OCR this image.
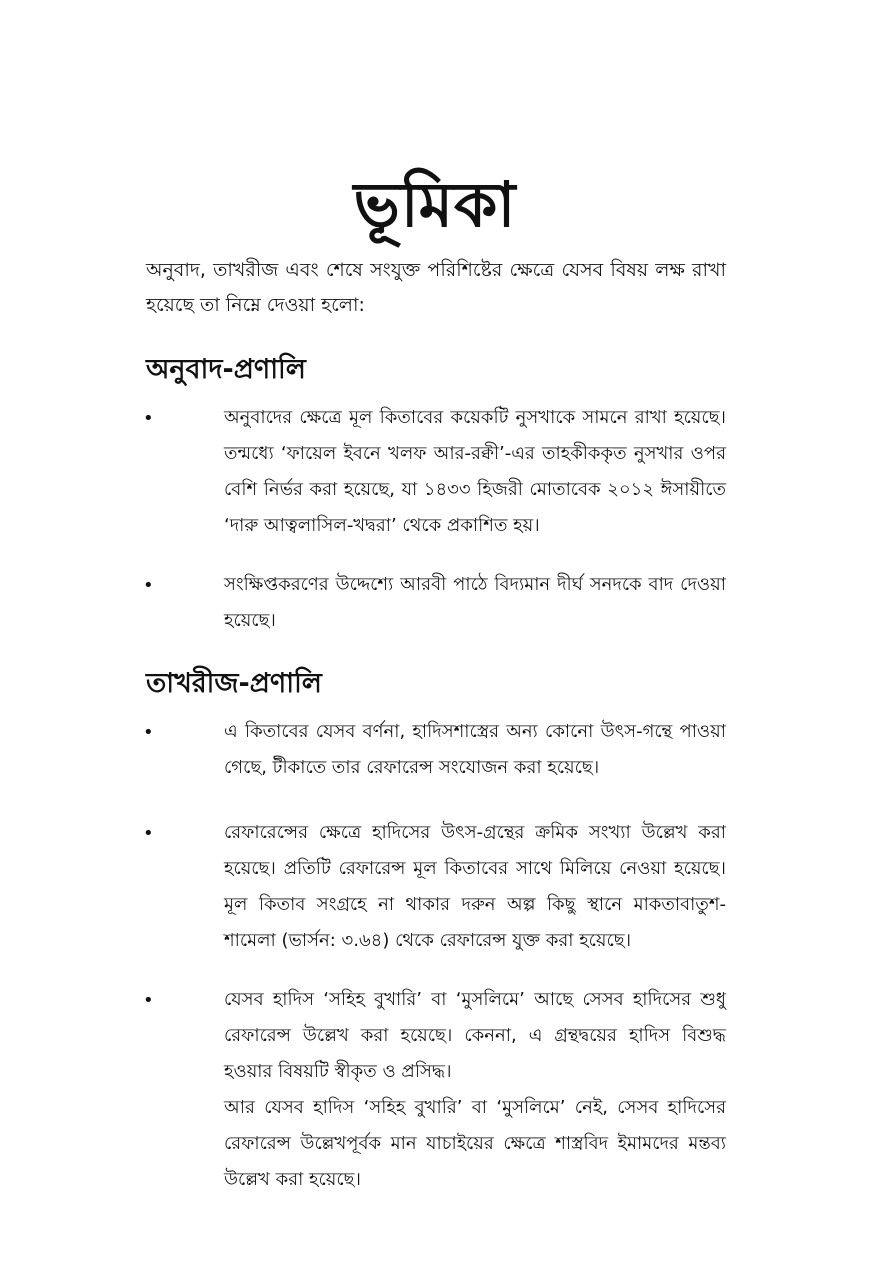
ভূমিকা
অনুবাদ, তাখরীজ এবং শেষে সংযুক্ত পরিশিষ্টের ক্ষেত্রে যেসব বিষয় লক্ষ রাখা হয়েছে তা নিম্নে দেওয়া হলো:
অনুবাদ-প্রণালি
•	অনুবাদের ক্ষেত্রে মূল কিতাবের কয়েকটি নুসখাকে সামনে রাখা হয়েছে। তন্মধ্যে ‘ফায়েল ইবনে খলফ আর-রক্বী’-এর তাহকীককৃত নুসখার ওপর বেশি নির্ভর করা হয়েছে, যা ১৪৩৩ হিজরী মোতাবেক ২০১২ ঈসায়ীতে ‘দারু আত্বলাসিল-খদ্বরা’ থেকে প্রকাশিত হয়।
•	সংক্ষিপ্তকরণের উদ্দেশ্যে আরবী পাঠে বিদ্যমান দীর্ঘ সনদকে বাদ দেওয়া হয়েছে।
তাখরীজ-প্রণালি
•	এ কিতাবের যেসব বর্ণনা, হাদিসশাস্ত্রের অন্য কোনো উৎস-গন্থে পাওয়া গেছে, টীকাতে তার রেফারেন্স সংযোজন করা হয়েছে।
•	রেফারেন্সের ক্ষেত্রে হাদিসের উৎস-গ্রন্থের ক্রমিক সংখ্যা উল্লেখ করা হয়েছে। প্রতিটি রেফারেন্স মূল কিতাবের সাথে মিলিয়ে নেওয়া হয়েছে। মূল কিতাব সংগ্রহে না থাকার দরুন অল্প কিছু স্থানে মাকতাবাতুশ-শামেলা (ভার্সন: ৩.৬৪) থেকে রেফারেন্স যুক্ত করা হয়েছে।
•	যেসব হাদিস ‘সহিহ বুখারি’ বা ‘মুসলিমে’ আছে সেসব হাদিসের শুধু রেফারেন্স উল্লেখ করা হয়েছে। কেননা, এ গ্রন্থদ্বয়ের হাদিস বিশুদ্ধ হওয়ার বিষয়টি স্বীকৃত ও প্রসিদ্ধ।
আর যেসব হাদিস ‘সহিহ বুখারি’ বা ‘মুসলিমে’ নেই, সেসব হাদিসের রেফারেন্স উল্লেখপূর্বক মান যাচাইয়ের ক্ষেত্রে শাস্ত্রবিদ ইমামদের মন্তব্য উল্লেখ করা হয়েছে।
